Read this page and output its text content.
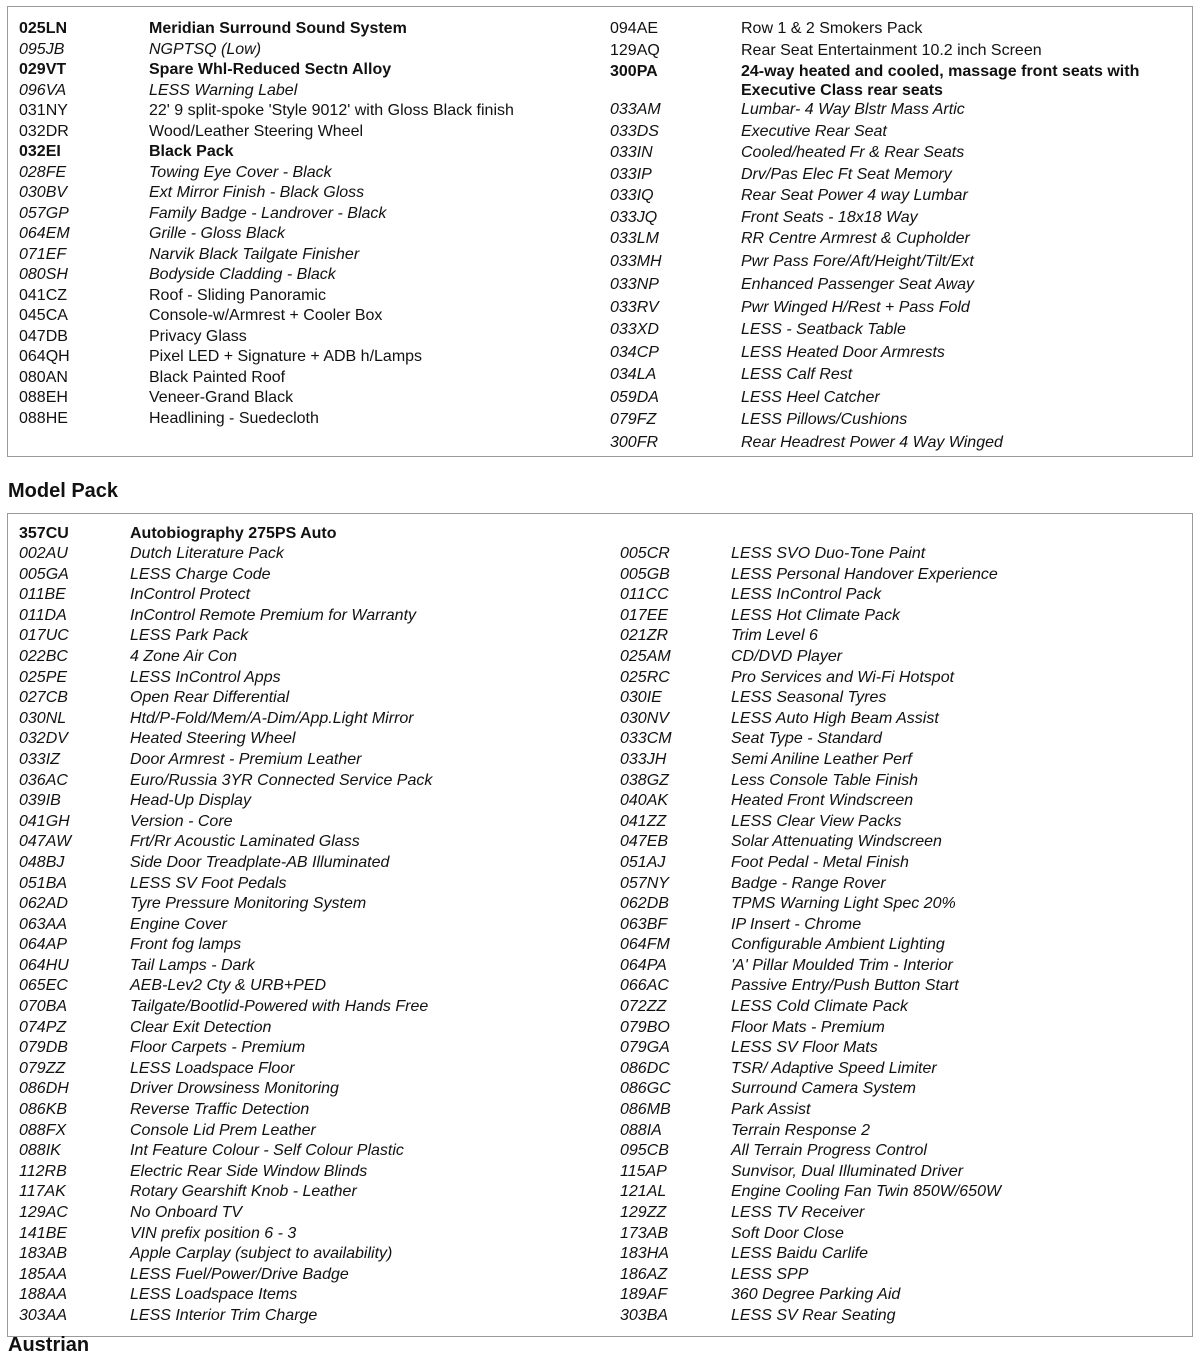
025LN	Meridian Surround Sound System
095JB	NGPTSQ (Low)
029VT	Spare Whl-Reduced Sectn Alloy
096VA	LESS Warning Label
031NY	22' 9 split-spoke 'Style 9012' with Gloss Black finish
032DR	Wood/Leather Steering Wheel
032EI	Black Pack
028FE	Towing Eye Cover - Black
030BV	Ext Mirror Finish - Black Gloss
057GP	Family Badge - Landrover - Black
064EM	Grille - Gloss Black
071EF	Narvik Black Tailgate Finisher
080SH	Bodyside Cladding - Black
041CZ	Roof - Sliding Panoramic
045CA	Console-w/Armrest + Cooler Box
047DB	Privacy Glass
064QH	Pixel LED + Signature + ADB h/Lamps
080AN	Black Painted Roof
088EH	Veneer-Grand Black
088HE	Headlining - Suedecloth
094AE	Row 1 & 2 Smokers Pack
129AQ	Rear Seat Entertainment 10.2 inch Screen
300PA	24-way heated and cooled, massage front seats with Executive Class rear seats
033AM	Lumbar- 4 Way Blstr Mass Artic
033DS	Executive Rear Seat
033IN	Cooled/heated Fr & Rear Seats
033IP	Drv/Pas Elec Ft Seat Memory
033IQ	Rear Seat Power 4 way Lumbar
033JQ	Front Seats - 18x18 Way
033LM	RR Centre Armrest & Cupholder
033MH	Pwr Pass Fore/Aft/Height/Tilt/Ext
033NP	Enhanced Passenger Seat Away
033RV	Pwr Winged H/Rest + Pass Fold
033XD	LESS - Seatback Table
034CP	LESS Heated Door Armrests
034LA	LESS Calf Rest
059DA	LESS Heel Catcher
079FZ	LESS Pillows/Cushions
300FR	Rear Headrest Power 4 Way Winged
Model Pack
357CU	Autobiography 275PS Auto
002AU	Dutch Literature Pack
005GA	LESS Charge Code
011BE	InControl Protect
011DA	InControl Remote Premium for Warranty
017UC	LESS Park Pack
022BC	4 Zone Air Con
025PE	LESS InControl Apps
027CB	Open Rear Differential
030NL	Htd/P-Fold/Mem/A-Dim/App.Light Mirror
032DV	Heated Steering Wheel
033IZ	Door Armrest - Premium Leather
036AC	Euro/Russia 3YR Connected Service Pack
039IB	Head-Up Display
041GH	Version - Core
047AW	Frt/Rr Acoustic Laminated Glass
048BJ	Side Door Treadplate-AB Illuminated
051BA	LESS SV Foot Pedals
062AD	Tyre Pressure Monitoring System
063AA	Engine Cover
064AP	Front fog lamps
064HU	Tail Lamps - Dark
065EC	AEB-Lev2 Cty & URB+PED
070BA	Tailgate/Bootlid-Powered with Hands Free
074PZ	Clear Exit Detection
079DB	Floor Carpets - Premium
079ZZ	LESS Loadspace Floor
086DH	Driver Drowsiness Monitoring
086KB	Reverse Traffic Detection
088FX	Console Lid Prem Leather
088IK	Int Feature Colour - Self Colour Plastic
112RB	Electric Rear Side Window Blinds
117AK	Rotary Gearshift Knob - Leather
129AC	No Onboard TV
141BE	VIN prefix position 6 - 3
183AB	Apple Carplay (subject to availability)
185AA	LESS Fuel/Power/Drive Badge
188AA	LESS Loadspace Items
303AA	LESS Interior Trim Charge
005CR	LESS SVO Duo-Tone Paint
005GB	LESS Personal Handover Experience
011CC	LESS InControl Pack
017EE	LESS Hot Climate Pack
021ZR	Trim Level 6
025AM	CD/DVD Player
025RC	Pro Services and Wi-Fi Hotspot
030IE	LESS Seasonal Tyres
030NV	LESS Auto High Beam Assist
033CM	Seat Type - Standard
033JH	Semi Aniline Leather Perf
038GZ	Less Console Table Finish
040AK	Heated Front Windscreen
041ZZ	LESS Clear View Packs
047EB	Solar Attenuating Windscreen
051AJ	Foot Pedal - Metal Finish
057NY	Badge - Range Rover
062DB	TPMS Warning Light Spec 20%
063BF	IP Insert - Chrome
064FM	Configurable Ambient Lighting
064PA	'A' Pillar Moulded Trim - Interior
066AC	Passive Entry/Push Button Start
072ZZ	LESS Cold Climate Pack
079BO	Floor Mats - Premium
079GA	LESS SV Floor Mats
086DC	TSR/ Adaptive Speed Limiter
086GC	Surround Camera System
086MB	Park Assist
088IA	Terrain Response 2
095CB	All Terrain Progress Control
115AP	Sunvisor, Dual Illuminated Driver
121AL	Engine Cooling Fan Twin 850W/650W
129ZZ	LESS TV Receiver
173AB	Soft Door Close
183HA	LESS Baidu Carlife
186AZ	LESS SPP
189AF	360 Degree Parking Aid
303BA	LESS SV Rear Seating
Austrian
